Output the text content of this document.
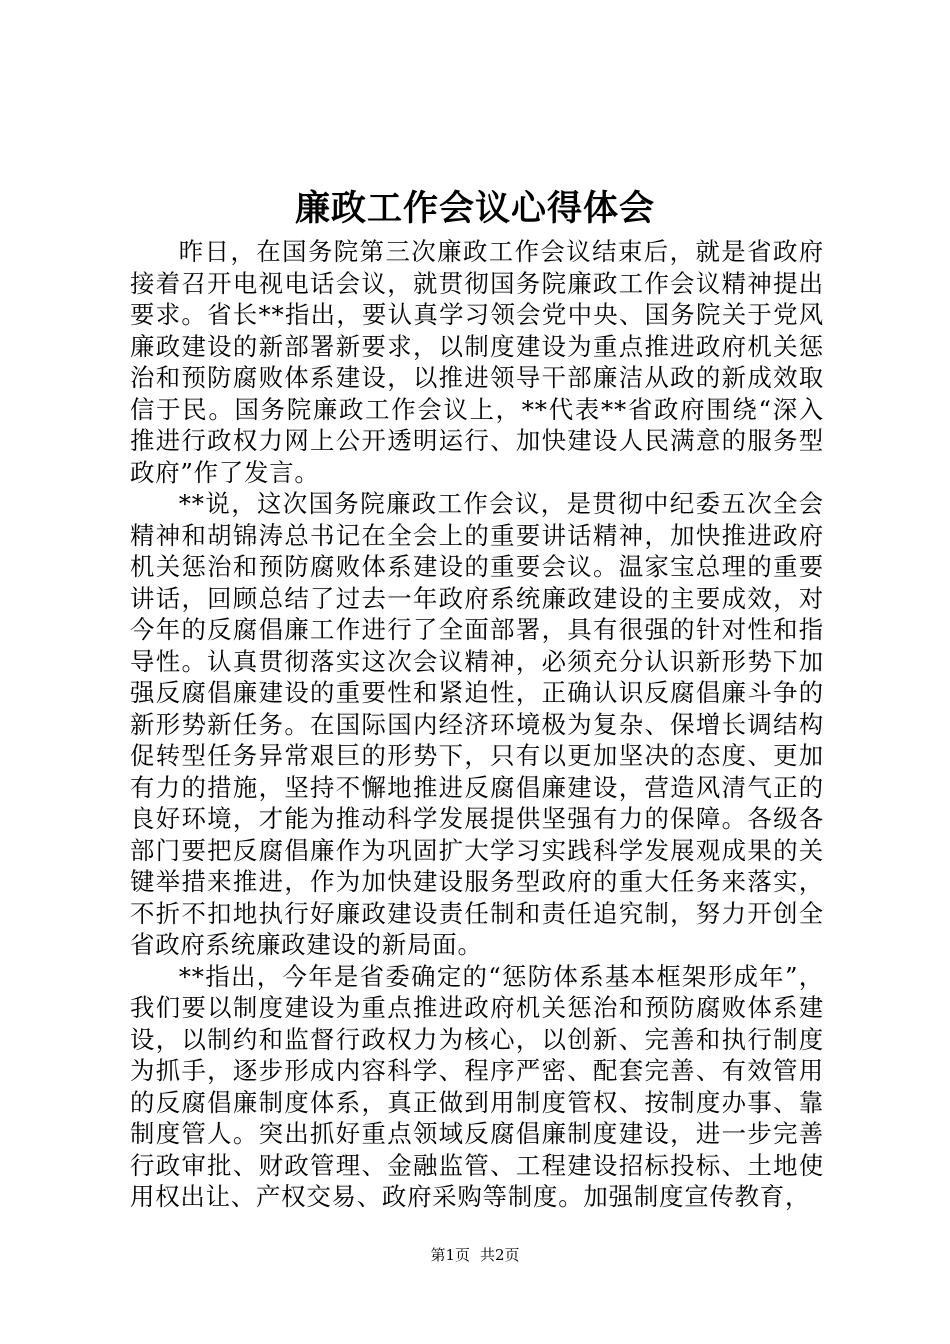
廉政工作会议心得体会

昨日，在国务院第三次廉政工作会议结束后，就是省政府接着召开电视电话会议，就贯彻国务院廉政工作会议精神提出要求。省长**指出，要认真学习领会党中央、国务院关于党风廉政建设的新部署新要求，以制度建设为重点推进政府机关惩治和预防腐败体系建设，以推进领导干部廉洁从政的新成效取信于民。国务院廉政工作会议上，**代表**省政府围绕“深入推进行政权力网上公开透明运行、加快建设人民满意的服务型政府”作了发言。

**说，这次国务院廉政工作会议，是贯彻中纪委五次全会精神和胡锦涛总书记在全会上的重要讲话精神，加快推进政府机关惩治和预防腐败体系建设的重要会议。温家宝总理的重要讲话，回顾总结了过去一年政府系统廉政建设的主要成效，对今年的反腐倡廉工作进行了全面部署，具有很强的针对性和指导性。认真贯彻落实这次会议精神，必须充分认识新形势下加强反腐倡廉建设的重要性和紧迫性，正确认识反腐倡廉斗争的新形势新任务。在国际国内经济环境极为复杂、保增长调结构促转型任务异常艰巨的形势下，只有以更加坚决的态度、更加有力的措施，坚持不懈地推进反腐倡廉建设，营造风清气正的良好环境，才能为推动科学发展提供坚强有力的保障。各级各部门要把反腐倡廉作为巩固扩大学习实践科学发展观成果的关键举措来推进，作为加快建设服务型政府的重大任务来落实，不折不扣地执行好廉政建设责任制和责任追究制，努力开创全省政府系统廉政建设的新局面。

**指出，今年是省委确定的“惩防体系基本框架形成年”，我们要以制度建设为重点推进政府机关惩治和预防腐败体系建设，以制约和监督行政权力为核心，以创新、完善和执行制度为抓手，逐步形成内容科学、程序严密、配套完善、有效管用的反腐倡廉制度体系，真正做到用制度管权、按制度办事、靠制度管人。突出抓好重点领域反腐倡廉制度建设，进一步完善行政审批、财政管理、金融监管、工程建设招标投标、土地使用权出让、产权交易、政府采购等制度。加强制度宣传教育，

第1页 共2页
